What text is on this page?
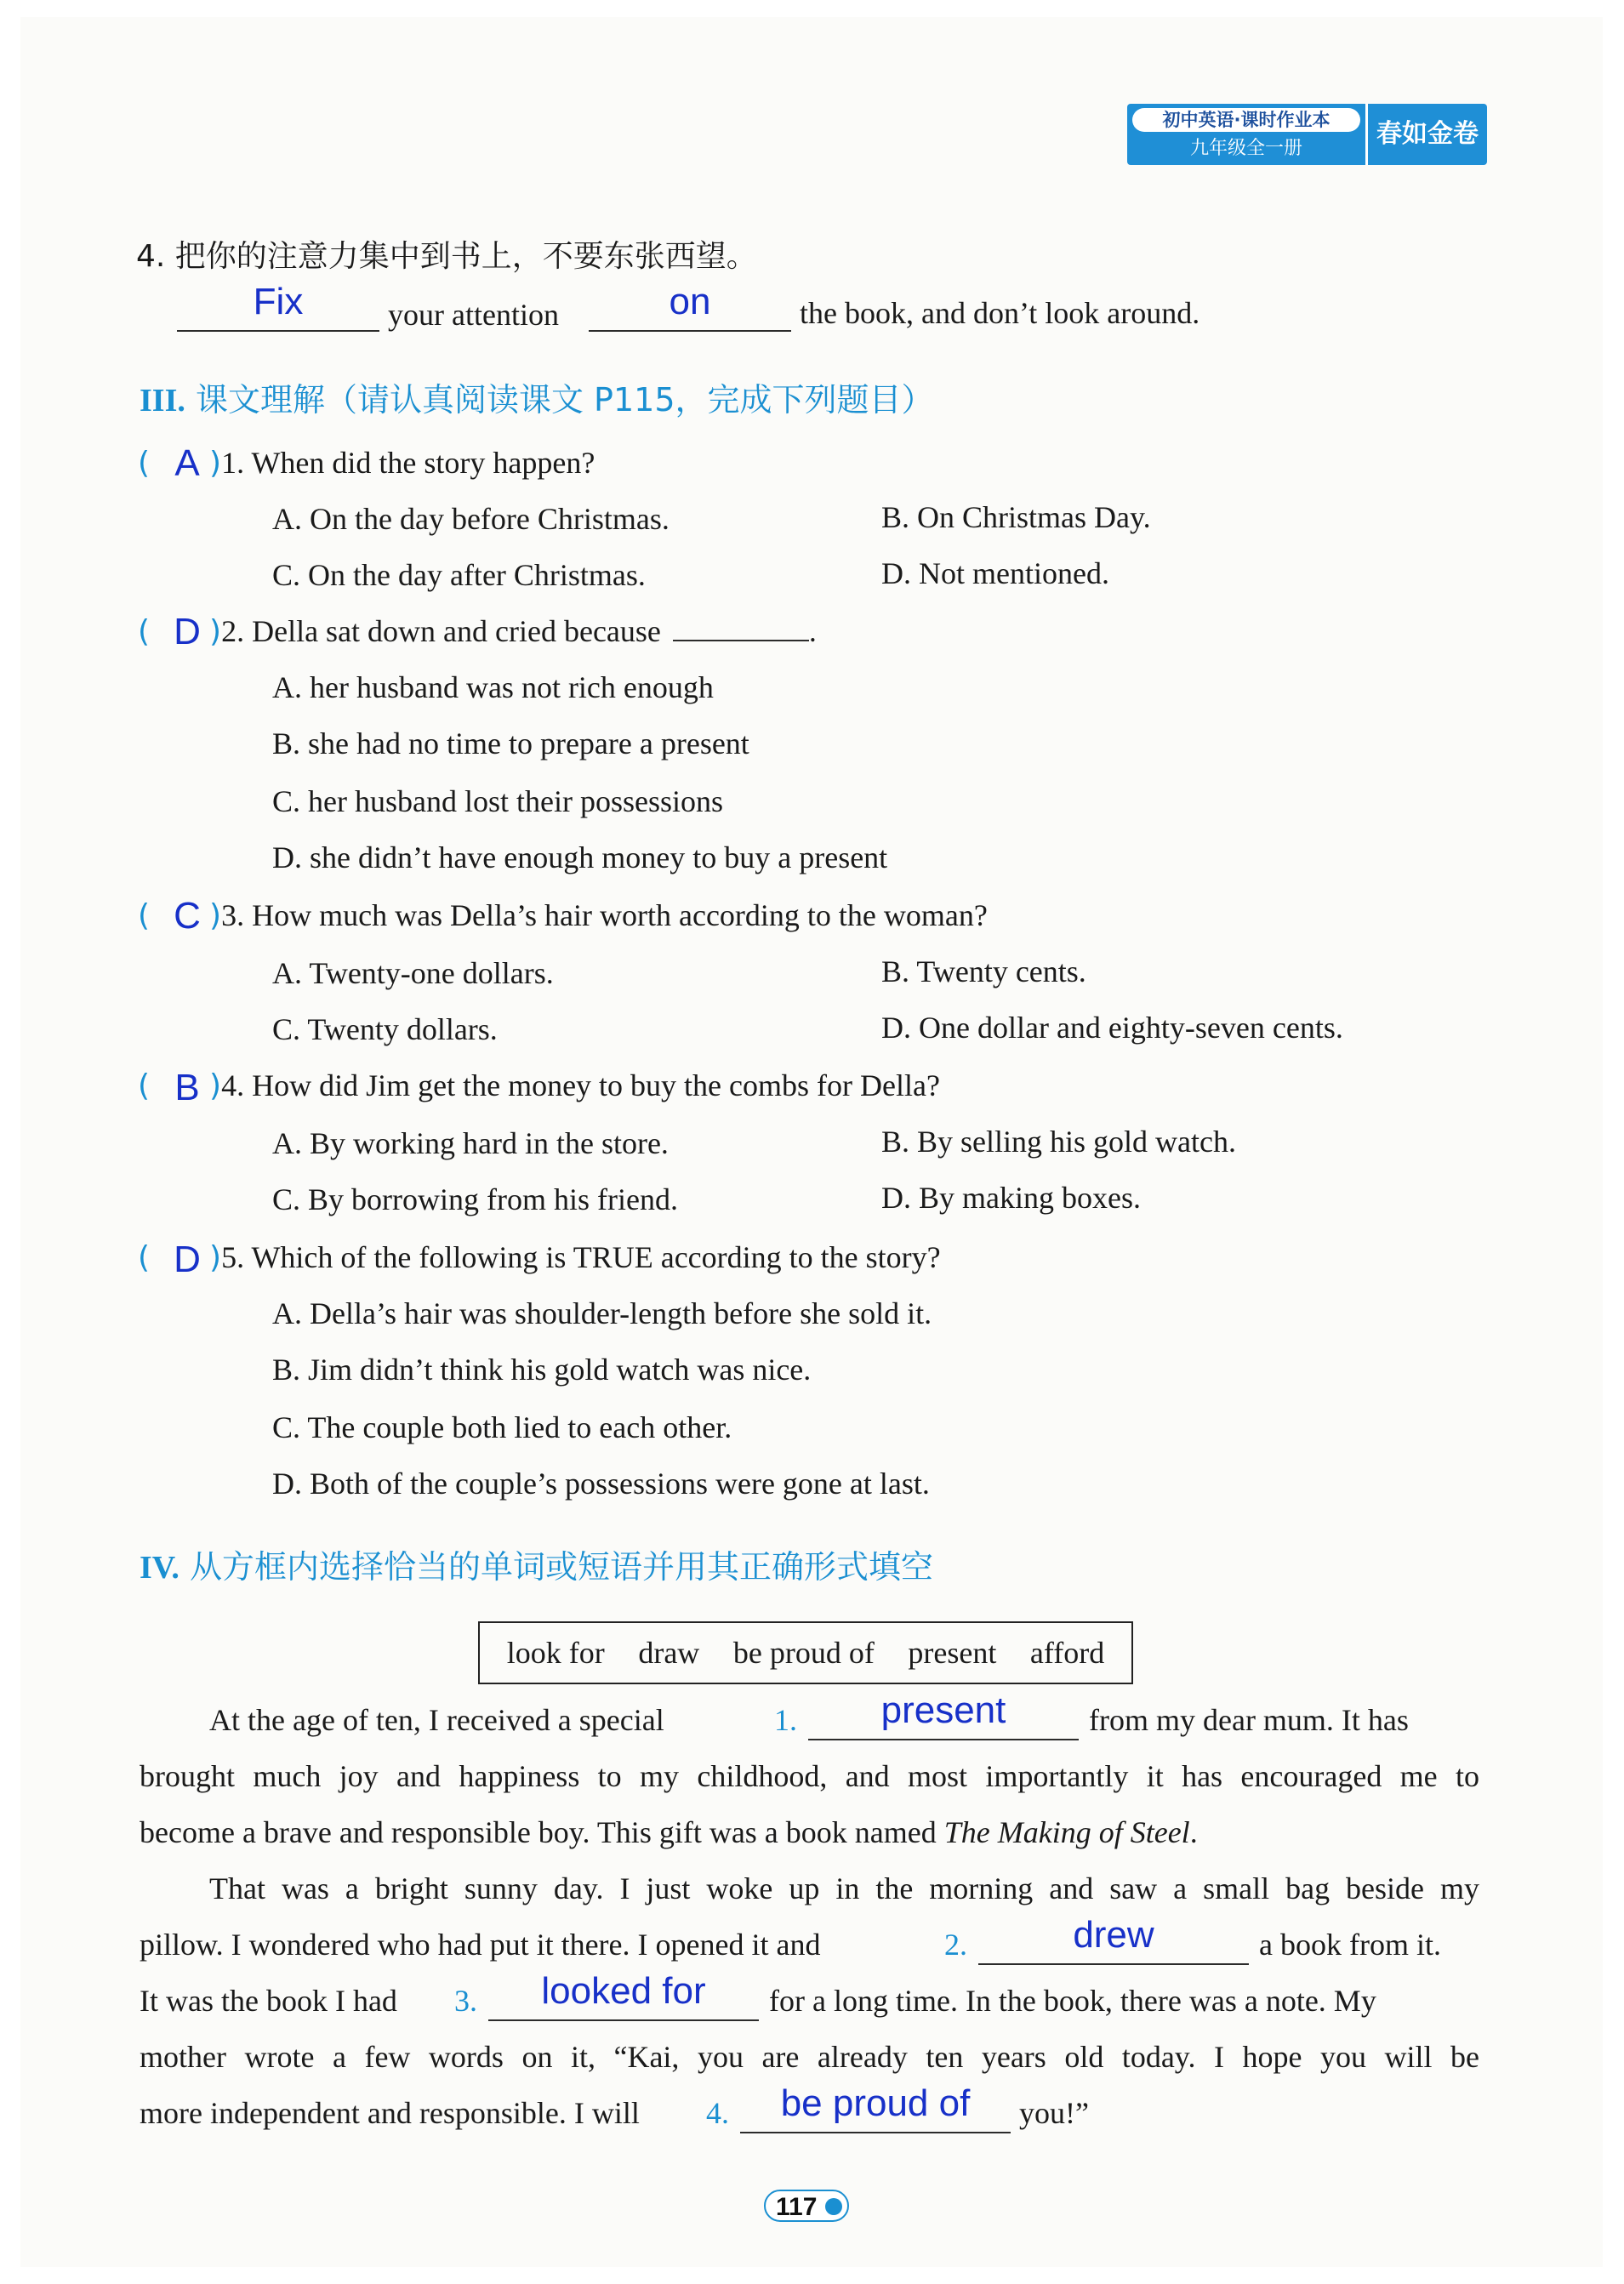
初中英语·课时作业本
九年级全一册	春如金卷
4. 把你的注意力集中到书上，不要东张西望。
Fix	your attention	on	the book, and don’t look around.
III. 课文理解（请认真阅读课文 P115，完成下列题目）
( )1. When did the story happen?
A
A. On the day before Christmas.	B. On Christmas Day.
C. On the day after Christmas.	D. Not mentioned.
( )2. Della sat down and cried because	.
D
A. her husband was not rich enough
B. she had no time to prepare a present
C. her husband lost their possessions
D. she didn’t have enough money to buy a present
( )3. How much was Della’s hair worth according to the woman?
C
A. Twenty-one dollars.	B. Twenty cents.
C. Twenty dollars.	D. One dollar and eighty-seven cents.
( )4. How did Jim get the money to buy the combs for Della?
B
A. By working hard in the store.	B. By selling his gold watch.
C. By borrowing from his friend.	D. By making boxes.
( )5. Which of the following is TRUE according to the story?
D
A. Della’s hair was shoulder-length before she sold it.
B. Jim didn’t think his gold watch was nice.
C. The couple both lied to each other.
D. Both of the couple’s possessions were gone at last.
IV. 从方框内选择恰当的单词或短语并用其正确形式填空
look for draw be proud of present afford
At the age of ten, I received a special	1.	present	from my dear mum. It has
brought much joy and happiness to my childhood, and most importantly it has encouraged me to
become a brave and responsible boy. This gift was a book named The Making of Steel.
That was a bright sunny day. I just woke up in the morning and saw a small bag beside my
pillow. I wondered who had put it there. I opened it and	2.	drew	a book from it.
It was the book I had 3.	looked for	for a long time. In the book, there was a note. My
mother wrote a few words on it, “Kai, you are already ten years old today. I hope you will be
more independent and responsible. I will 4.	be proud of	you!”
117
